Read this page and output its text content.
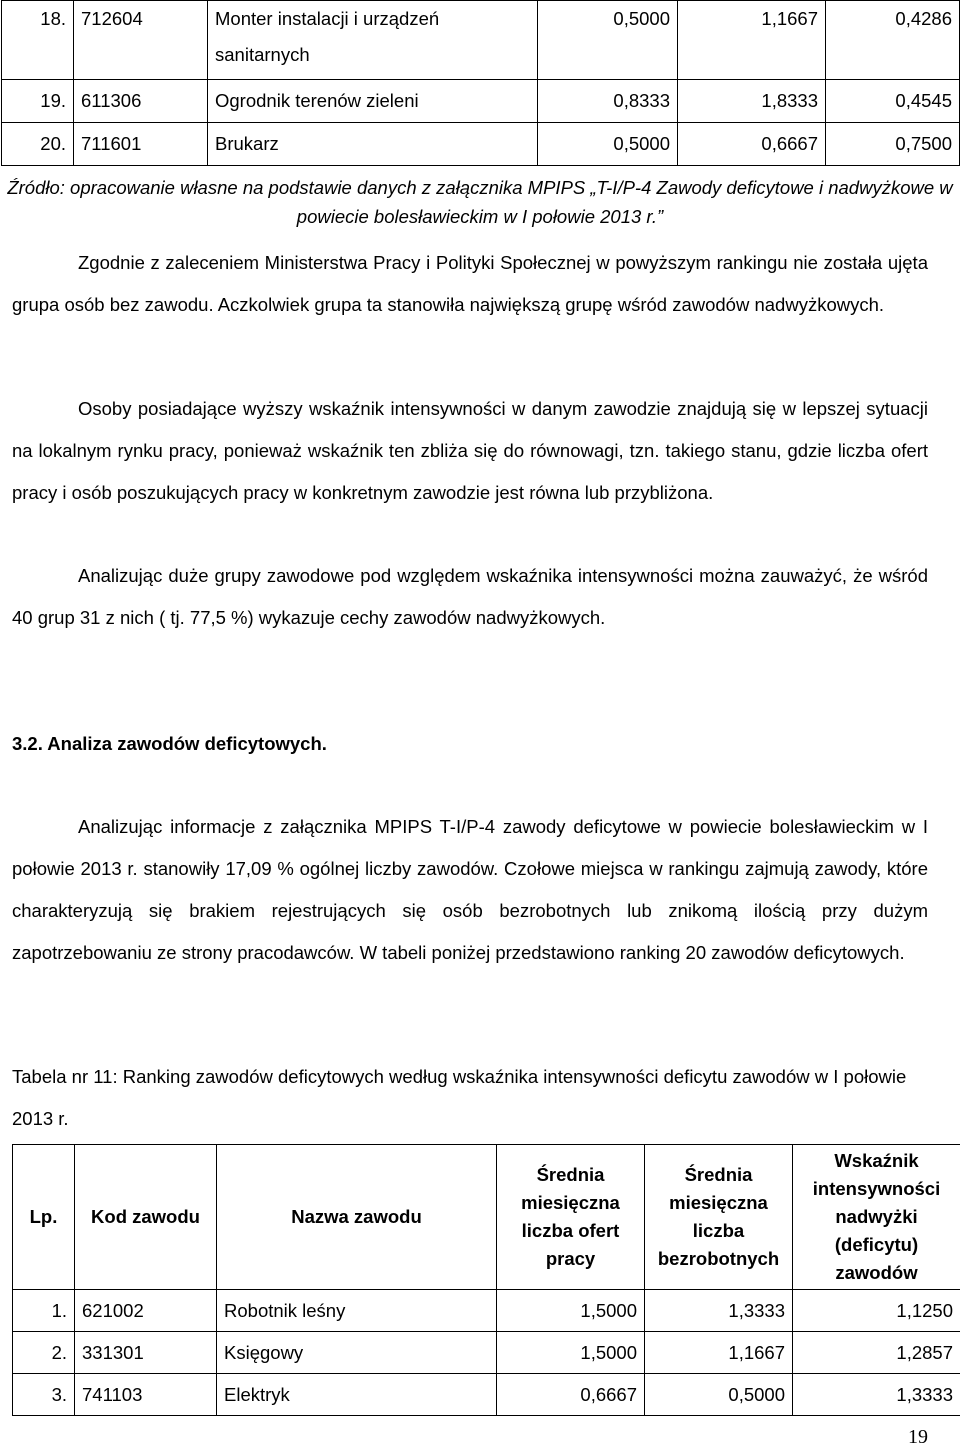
18.	712604	Monter instalacji i urządzeń sanitarnych	0,5000	1,1667	0,4286
19.	611306	Ogrodnik terenów zieleni	0,8333	1,8333	0,4545
20.	711601	Brukarz	0,5000	0,6667	0,7500
Źródło: opracowanie własne na podstawie danych z załącznika MPIPS „T-I/P-4 Zawody deficytowe i nadwyżkowe w powiecie bolesławieckim w I połowie 2013 r.”

Zgodnie z zaleceniem Ministerstwa Pracy i Polityki Społecznej w powyższym rankingu nie została ujęta grupa osób bez zawodu. Aczkolwiek grupa ta stanowiła największą grupę wśród zawodów nadwyżkowych.

Osoby posiadające wyższy wskaźnik intensywności w danym zawodzie znajdują się w lepszej sytuacji na lokalnym rynku pracy, ponieważ wskaźnik ten zbliża się do równowagi, tzn. takiego stanu, gdzie liczba ofert pracy i osób poszukujących pracy w konkretnym zawodzie jest równa lub przybliżona.

Analizując duże grupy zawodowe pod względem wskaźnika intensywności można zauważyć, że wśród 40 grup 31 z nich ( tj. 77,5 %) wykazuje cechy zawodów nadwyżkowych.

3.2. Analiza zawodów deficytowych.

Analizując informacje z załącznika MPIPS T-I/P-4 zawody deficytowe w powiecie bolesławieckim w I połowie 2013 r. stanowiły 17,09 % ogólnej liczby zawodów. Czołowe miejsca w rankingu zajmują zawody, które charakteryzują się brakiem rejestrujących się osób bezrobotnych lub znikomą ilością przy dużym zapotrzebowaniu ze strony pracodawców. W tabeli poniżej przedstawiono ranking 20 zawodów deficytowych.

Tabela nr 11: Ranking zawodów deficytowych według wskaźnika intensywności deficytu zawodów w I połowie 2013 r.
Lp.	Kod zawodu	Nazwa zawodu	Średnia miesięczna liczba ofert pracy	Średnia miesięczna liczba bezrobotnych	Wskaźnik intensywności nadwyżki (deficytu) zawodów
1.	621002	Robotnik leśny	1,5000	1,3333	1,1250
2.	331301	Księgowy	1,5000	1,1667	1,2857
3.	741103	Elektryk	0,6667	0,5000	1,3333
19
